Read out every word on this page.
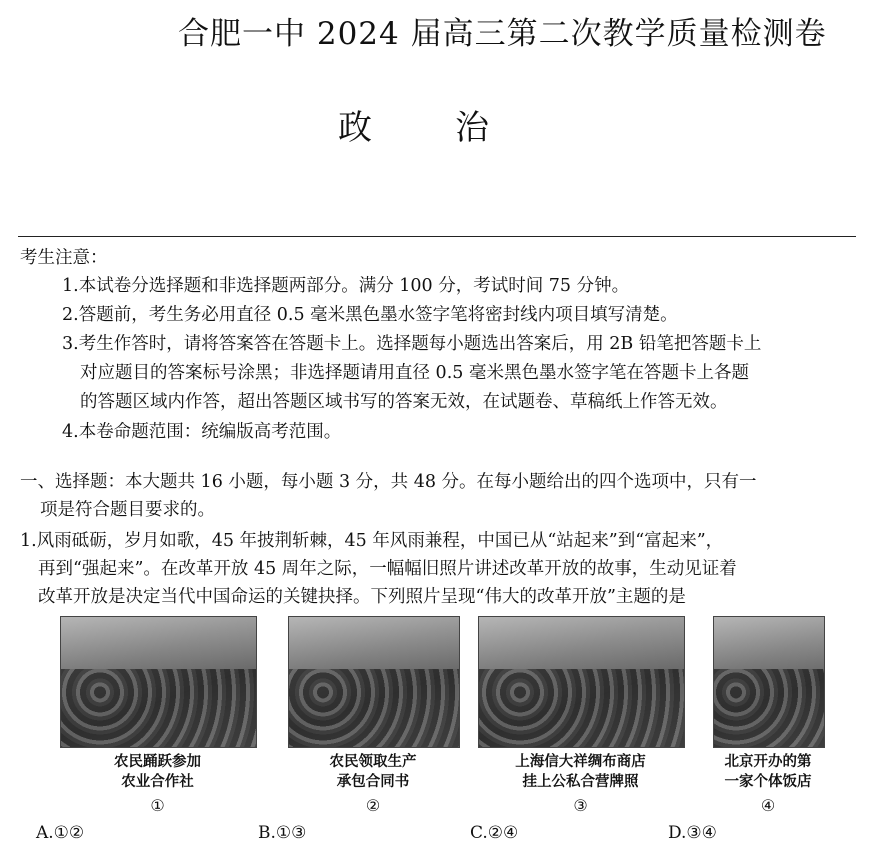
合肥一中 2024 届高三第二次教学质量检测卷
政 治
考生注意：
1.本试卷分选择题和非选择题两部分。满分 100 分，考试时间 75 分钟。
2.答题前，考生务必用直径 0.5 毫米黑色墨水签字笔将密封线内项目填写清楚。
3.考生作答时，请将答案答在答题卡上。选择题每小题选出答案后，用 2B 铅笔把答题卡上
对应题目的答案标号涂黑；非选择题请用直径 0.5 毫米黑色墨水签字笔在答题卡上各题
的答题区域内作答，超出答题区域书写的答案无效，在试题卷、草稿纸上作答无效。
4.本卷命题范围：统编版高考范围。
一、选择题：本大题共 16 小题，每小题 3 分，共 48 分。在每小题给出的四个选项中，只有一
项是符合题目要求的。
1.风雨砥砺，岁月如歌，45 年披荆斩棘，45 年风雨兼程，中国已从“站起来”到“富起来”，
再到“强起来”。在改革开放 45 周年之际，一幅幅旧照片讲述改革开放的故事，生动见证着
改革开放是决定当代中国命运的关键抉择。下列照片呈现“伟大的改革开放”主题的是
农民踊跃参加
农业合作社
农民领取生产
承包合同书
上海信大祥绸布商店
挂上公私合营牌照
北京开办的第
一家个体饭店
①	②	③	④
A.①②	B.①③	C.②④	D.③④
